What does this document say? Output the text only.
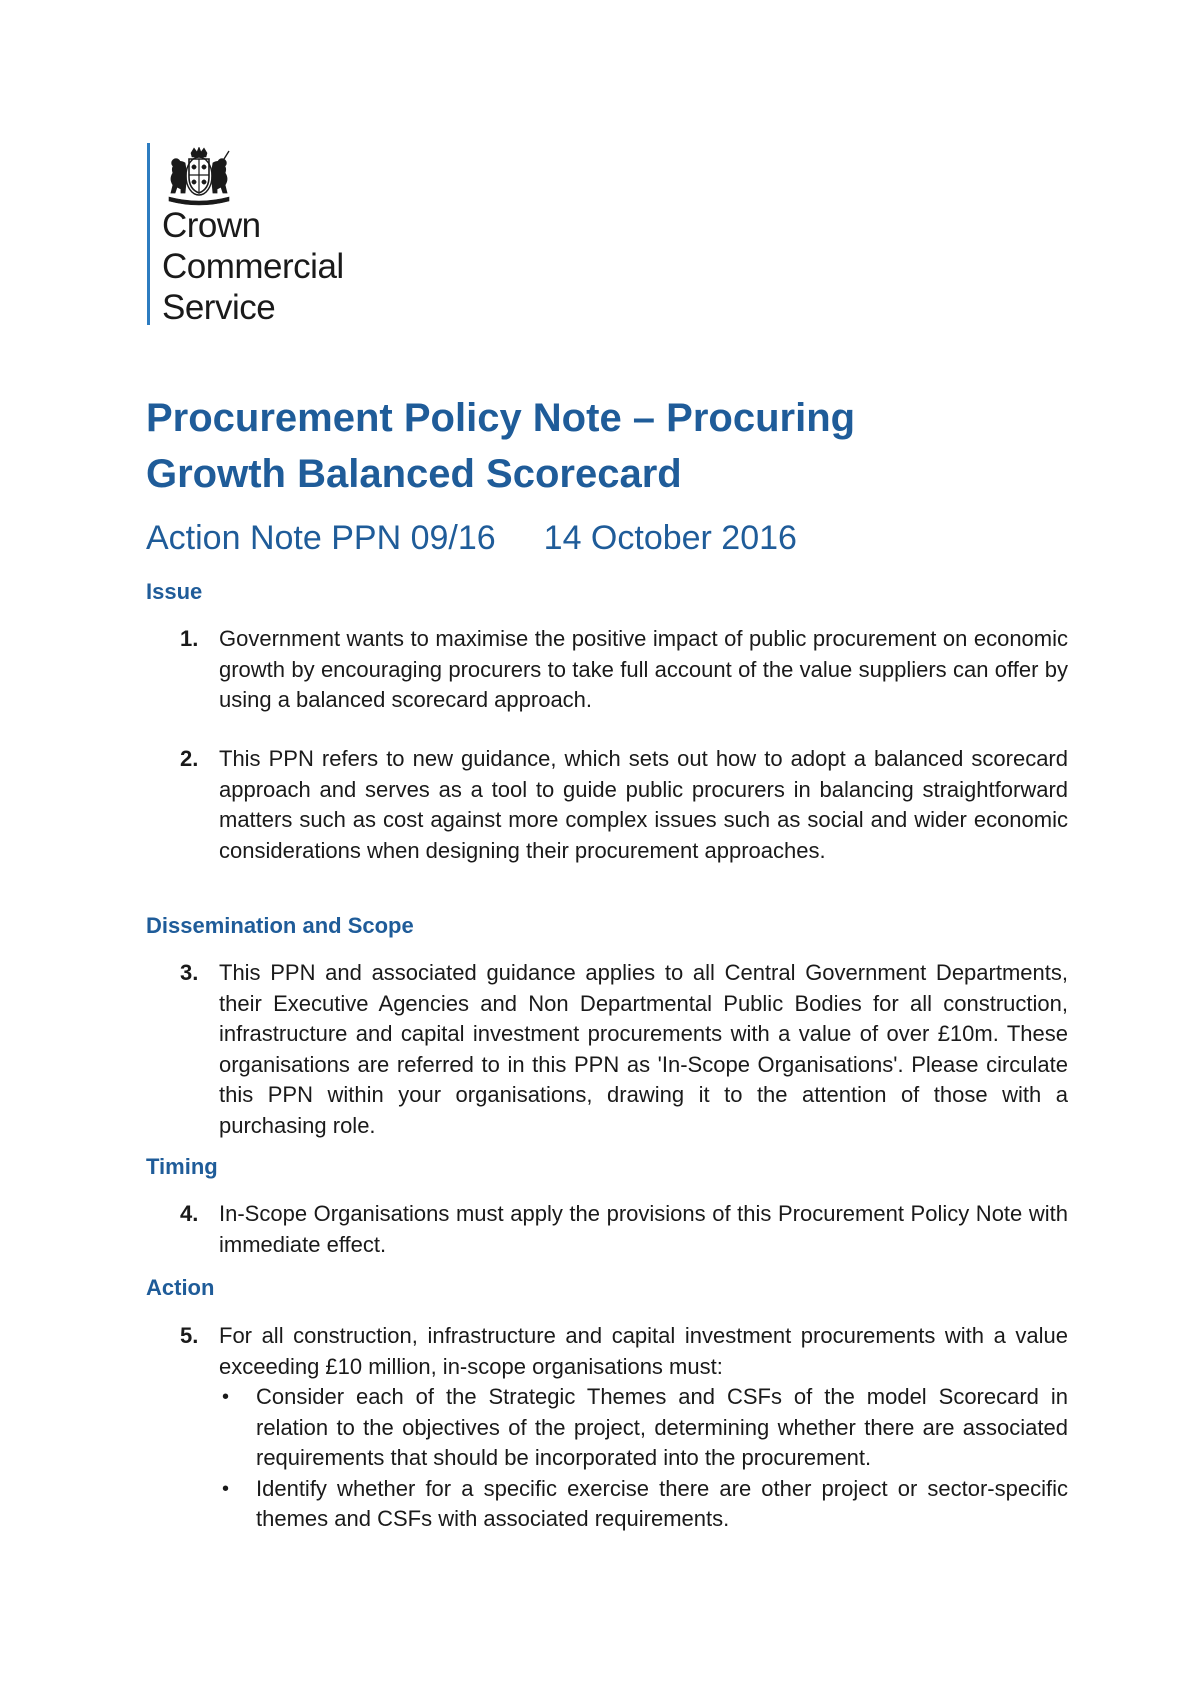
Crown
Commercial
Service
Procurement Policy Note – Procuring
Growth Balanced Scorecard
Action Note PPN 09/16 14 October 2016
Issue
1. Government wants to maximise the positive impact of public procurement on economic growth by encouraging procurers to take full account of the value suppliers can offer by using a balanced scorecard approach.
2. This PPN refers to new guidance, which sets out how to adopt a balanced scorecard approach and serves as a tool to guide public procurers in balancing straightforward matters such as cost against more complex issues such as social and wider economic considerations when designing their procurement approaches.
Dissemination and Scope
3. This PPN and associated guidance applies to all Central Government Departments, their Executive Agencies and Non Departmental Public Bodies for all construction, infrastructure and capital investment procurements with a value of over £10m. These organisations are referred to in this PPN as 'In-Scope Organisations'. Please circulate this PPN within your organisations, drawing it to the attention of those with a purchasing role.
Timing
4. In-Scope Organisations must apply the provisions of this Procurement Policy Note with immediate effect.
Action
5. For all construction, infrastructure and capital investment procurements with a value exceeding £10 million, in-scope organisations must:
• Consider each of the Strategic Themes and CSFs of the model Scorecard in relation to the objectives of the project, determining whether there are associated requirements that should be incorporated into the procurement.
• Identify whether for a specific exercise there are other project or sector-specific themes and CSFs with associated requirements.
